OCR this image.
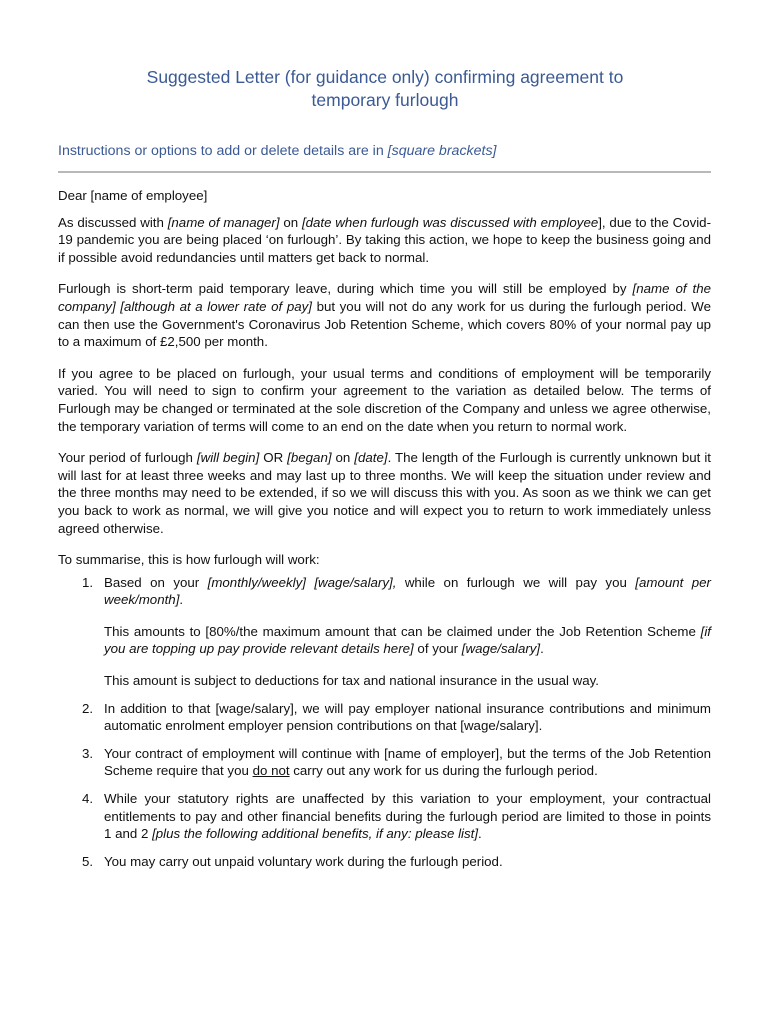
Suggested Letter (for guidance only) confirming agreement to
temporary furlough
Instructions or options to add or delete details are in [square brackets]

Dear [name of employee]

As discussed with [name of manager] on [date when furlough was discussed with employee], due to the Covid-19 pandemic you are being placed ‘on furlough’. By taking this action, we hope to keep the business going and if possible avoid redundancies until matters get back to normal.

Furlough is short-term paid temporary leave, during which time you will still be employed by [name of the company] [although at a lower rate of pay] but you will not do any work for us during the furlough period. We can then use the Government's Coronavirus Job Retention Scheme, which covers 80% of your normal pay up to a maximum of £2,500 per month.

If you agree to be placed on furlough, your usual terms and conditions of employment will be temporarily varied. You will need to sign to confirm your agreement to the variation as detailed below. The terms of Furlough may be changed or terminated at the sole discretion of the Company and unless we agree otherwise, the temporary variation of terms will come to an end on the date when you return to normal work.

Your period of furlough [will begin] OR [began] on [date]. The length of the Furlough is currently unknown but it will last for at least three weeks and may last up to three months. We will keep the situation under review and the three months may need to be extended, if so we will discuss this with you. As soon as we think we can get you back to work as normal, we will give you notice and will expect you to return to work immediately unless agreed otherwise.

To summarise, this is how furlough will work:

1. Based on your [monthly/weekly] [wage/salary], while on furlough we will pay you [amount per week/month].

This amounts to [80%/the maximum amount that can be claimed under the Job Retention Scheme [if you are topping up pay provide relevant details here] of your [wage/salary].

This amount is subject to deductions for tax and national insurance in the usual way.

2. In addition to that [wage/salary], we will pay employer national insurance contributions and minimum automatic enrolment employer pension contributions on that [wage/salary].

3. Your contract of employment will continue with [name of employer], but the terms of the Job Retention Scheme require that you do not carry out any work for us during the furlough period.

4. While your statutory rights are unaffected by this variation to your employment, your contractual entitlements to pay and other financial benefits during the furlough period are limited to those in points 1 and 2 [plus the following additional benefits, if any: please list].

5. You may carry out unpaid voluntary work during the furlough period.
